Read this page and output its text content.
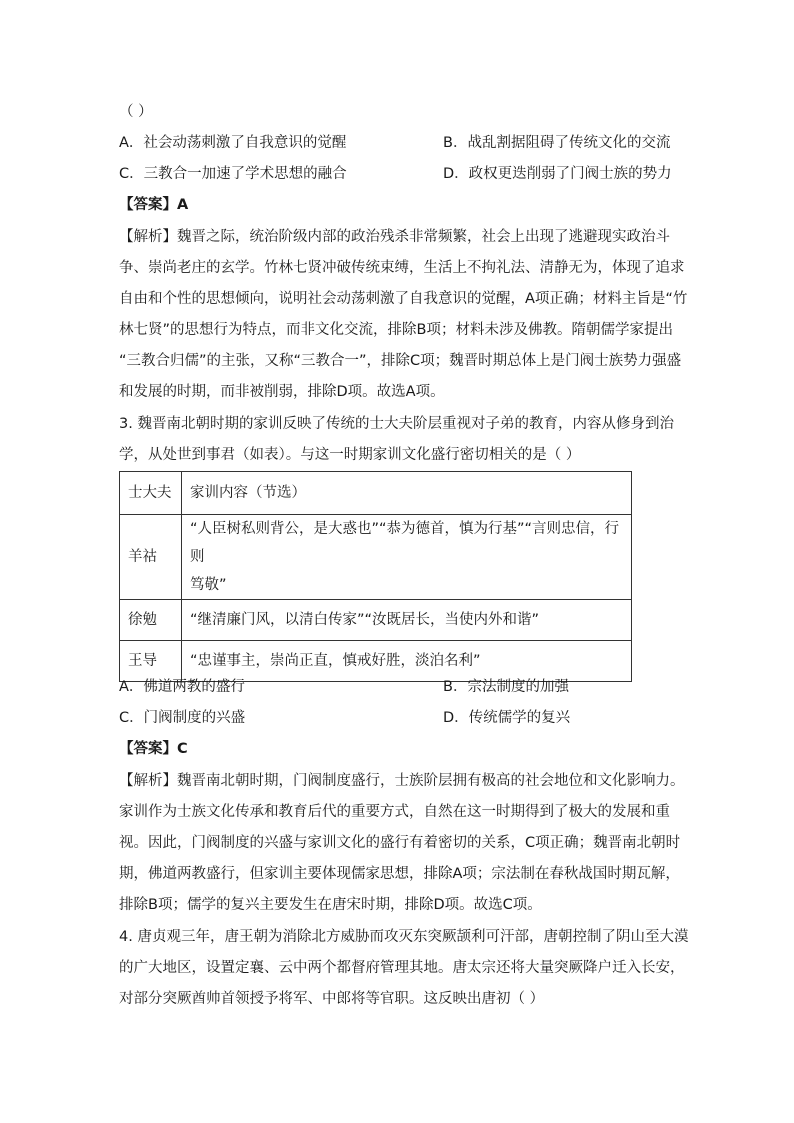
（ ）
A．社会动荡刺激了自我意识的觉醒	B．战乱割据阻碍了传统文化的交流
C．三教合一加速了学术思想的融合	D．政权更迭削弱了门阀士族的势力
【答案】A
【解析】魏晋之际，统治阶级内部的政治残杀非常频繁，社会上出现了逃避现实政治斗
争、崇尚老庄的玄学。竹林七贤冲破传统束缚，生活上不拘礼法、清静无为，体现了追求
自由和个性的思想倾向，说明社会动荡刺激了自我意识的觉醒，A项正确；材料主旨是“竹
林七贤”的思想行为特点，而非文化交流，排除B项；材料未涉及佛教。隋朝儒学家提出
“三教合归儒”的主张，又称“三教合一”，排除C项；魏晋时期总体上是门阀士族势力强盛
和发展的时期，而非被削弱，排除D项。故选A项。
3. 魏晋南北朝时期的家训反映了传统的士大夫阶层重视对子弟的教育，内容从修身到治
学，从处世到事君（如表）。与这一时期家训文化盛行密切相关的是（ ）
士大夫	家训内容（节选）
羊祜	“人臣树私则背公，是大惑也”“恭为德首，慎为行基”“言则忠信，行则
笃敬”

徐勉	“继清廉门风，以清白传家”“汝既居长，当使内外和谐”

王导	“忠谨事主，崇尚正直，慎戒好胜，淡泊名利”
A．佛道两教的盛行	B．宗法制度的加强
C．门阀制度的兴盛	D．传统儒学的复兴
【答案】C
【解析】魏晋南北朝时期，门阀制度盛行，士族阶层拥有极高的社会地位和文化影响力。
家训作为士族文化传承和教育后代的重要方式，自然在这一时期得到了极大的发展和重
视。因此，门阀制度的兴盛与家训文化的盛行有着密切的关系，C项正确；魏晋南北朝时
期，佛道两教盛行，但家训主要体现儒家思想，排除A项；宗法制在春秋战国时期瓦解，
排除B项；儒学的复兴主要发生在唐宋时期，排除D项。故选C项。
4. 唐贞观三年，唐王朝为消除北方威胁而攻灭东突厥颉利可汗部，唐朝控制了阴山至大漠
的广大地区，设置定襄、云中两个都督府管理其地。唐太宗还将大量突厥降户迁入长安，
对部分突厥酋帅首领授予将军、中郎将等官职。这反映出唐初（ ）
